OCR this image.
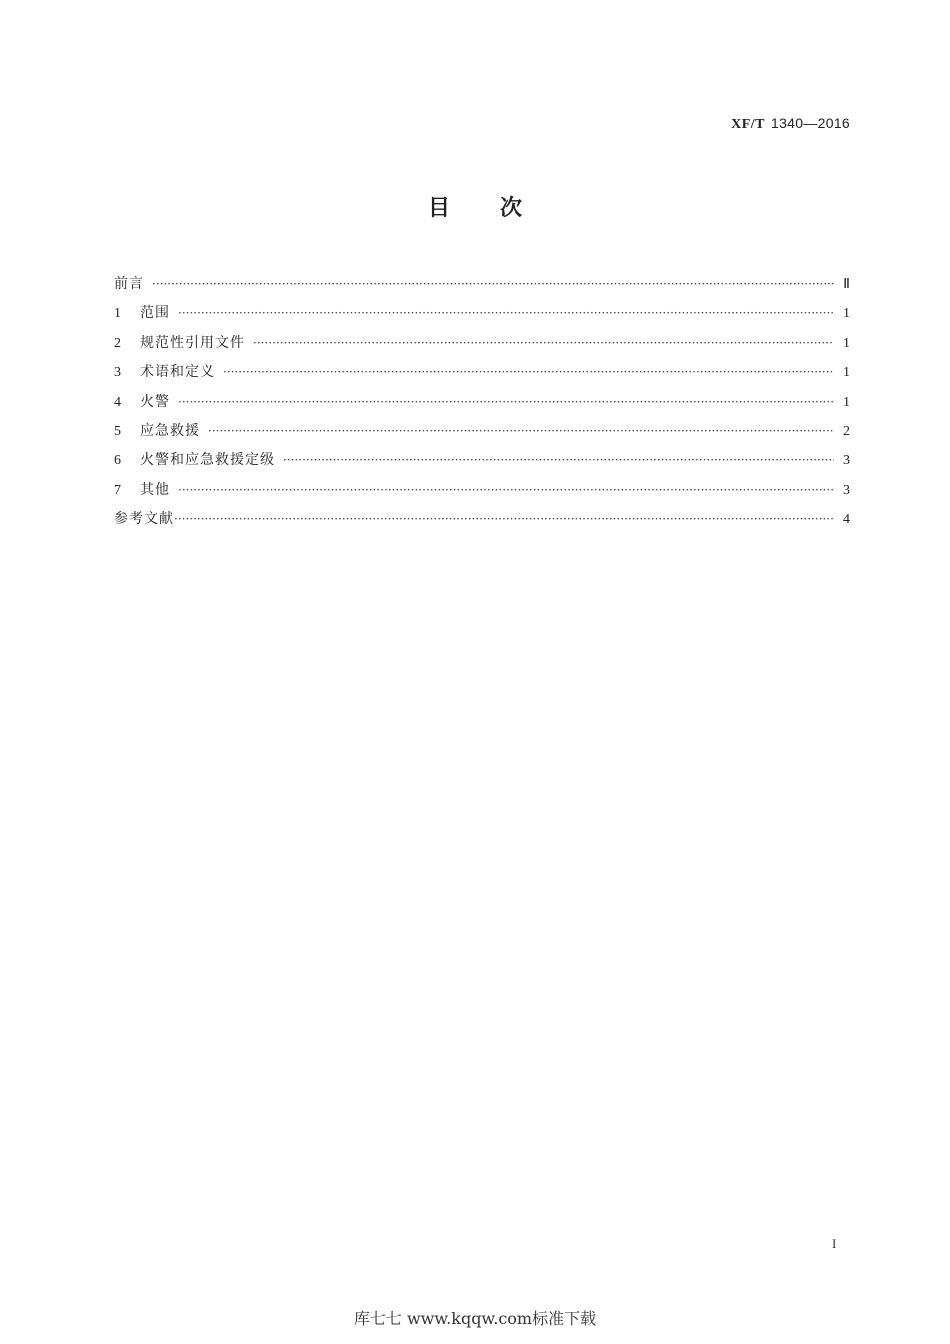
XF/T 1340—2016
目次
前言 ·····	Ⅱ
1	范围 ·····	1
2	规范性引用文件 ·····	1
3	术语和定义 ·····	1
4	火警 ·····	1
5	应急救援 ·····	2
6	火警和应急救援定级 ·····	3
7	其他 ·····	3
参考文献 ·····	4
I
库七七 www.kqqw.com标准下载
